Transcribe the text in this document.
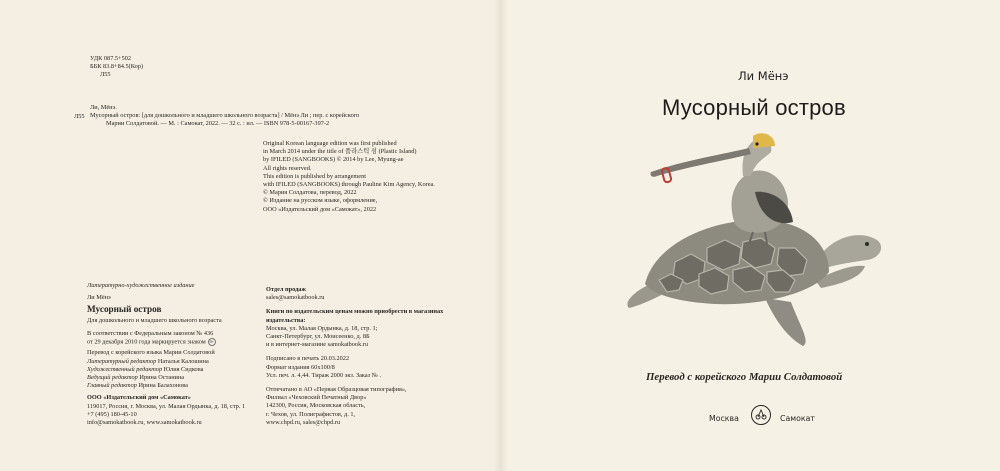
УДК 087.5+502
ББК 83.8+84.5(Кор)
Л55
Л55
Ли, Мёнэ.
Мусорный остров: [для дошкольного и младшего школьного возраста] / Мёнэ Ли ; пер. с корейского
Марии Солдатовой. — М. : Самокат, 2022. — 32 с. : ил. — ISBN 978-5-00167-397-2
Original Korean language edition was first published
in March 2014 under the title of 플라스틱 섬 (Plastic Island)
by IFILED (SANGBOOKS) © 2014 by Lee, Myung-ae
All rights reserved.
This edition is published by arrangement
with IFILED (SANGBOOKS) through Pauline Kim Agency, Korea.
© Мария Солдатова, перевод, 2022
© Издание на русском языке, оформление,
ООО «Издательский дом «Самокат», 2022
Литературно-художественное издание
Ли Мёнэ
Мусорный остров
Для дошкольного и младшего школьного возраста
В соответствии с Федеральным законом № 436
от 29 декабря 2010 года маркируется знаком 0+
Перевод с корейского языка Марии Солдатовой
Литературный редактор Наталья Калошина
Художественный редактор Юлия Сидкова
Ведущий редактор Ирина Останина
Главный редактор Ирина Балахонова
ООО «Издательский дом «Самокат»
119017, Россия, г. Москва, ул. Малая Ордынка, д. 18, стр. 1
+7 (495) 180-45-10
info@samokatbook.ru, www.samokatbook.ru
Отдел продаж
sales@samokatbook.ru
Книги по издательским ценам можно приобрести в магазинах издательства:
Москва, ул. Малая Ордынка, д. 18, стр. 1;
Санкт-Петербург, ул. Моисеенко, д. 8Б
и в интернет-магазине samokatbook.ru
Подписано в печать 20.03.2022
Формат издания 60х100/8
Усл. печ. л. 4,44. Тираж 2000 экз. Заказ № .
Отпечатано в АО «Первая Образцовая типография»,
Филиал «Чеховский Печатный Двор»
142300, Россия, Московская область,
г. Чехов, ул. Полиграфистов, д. 1,
www.chpd.ru, sales@chpd.ru
Ли Мёнэ
Мусорный остров
Перевод с корейского Марии Солдатовой
Москва	Самокат
